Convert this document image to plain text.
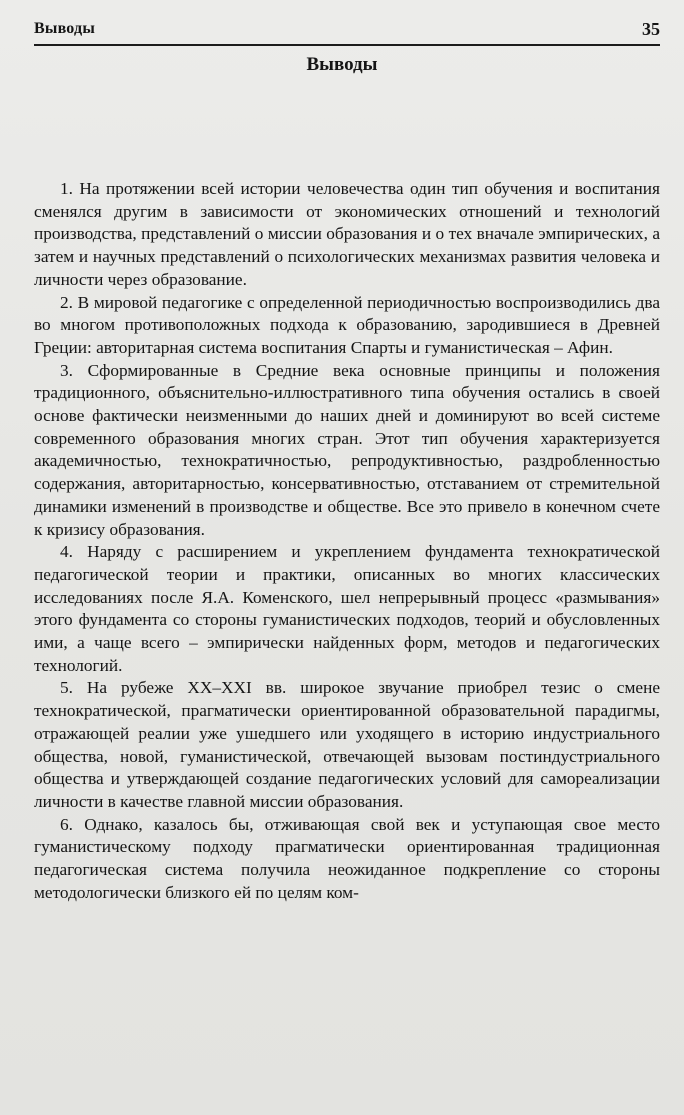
Выводы	35
Выводы

1. На протяжении всей истории человечества один тип обучения и воспитания сменялся другим в зависимости от экономических отношений и технологий производства, представлений о миссии образования и о тех вначале эмпирических, а затем и научных представлений о психологических механизмах развития человека и личности через образование.

2. В мировой педагогике с определенной периодичностью воспроизводились два во многом противоположных подхода к образованию, зародившиеся в Древней Греции: авторитарная система воспитания Спарты и гуманистическая – Афин.

3. Сформированные в Средние века основные принципы и положения традиционного, объяснительно-иллюстративного типа обучения остались в своей основе фактически неизменными до наших дней и доминируют во всей системе современного образования многих стран. Этот тип обучения характеризуется академичностью, технократичностью, репродуктивностью, раздробленностью содержания, авторитарностью, консервативностью, отставанием от стремительной динамики изменений в производстве и обществе. Все это привело в конечном счете к кризису образования.

4. Наряду с расширением и укреплением фундамента технократической педагогической теории и практики, описанных во многих классических исследованиях после Я.А. Коменского, шел непрерывный процесс «размывания» этого фундамента со стороны гуманистических подходов, теорий и обусловленных ими, а чаще всего – эмпирически найденных форм, методов и педагогических технологий.

5. На рубеже XX–XXI вв. широкое звучание приобрел тезис о смене технократической, прагматически ориентированной образовательной парадигмы, отражающей реалии уже ушедшего или уходящего в историю индустриального общества, новой, гуманистической, отвечающей вызовам постиндустриального общества и утверждающей создание педагогических условий для самореализации личности в качестве главной миссии образования.

6. Однако, казалось бы, отживающая свой век и уступающая свое место гуманистическому подходу прагматически ориентированная традиционная педагогическая система получила неожиданное подкрепление со стороны методологически близкого ей по целям ком-
